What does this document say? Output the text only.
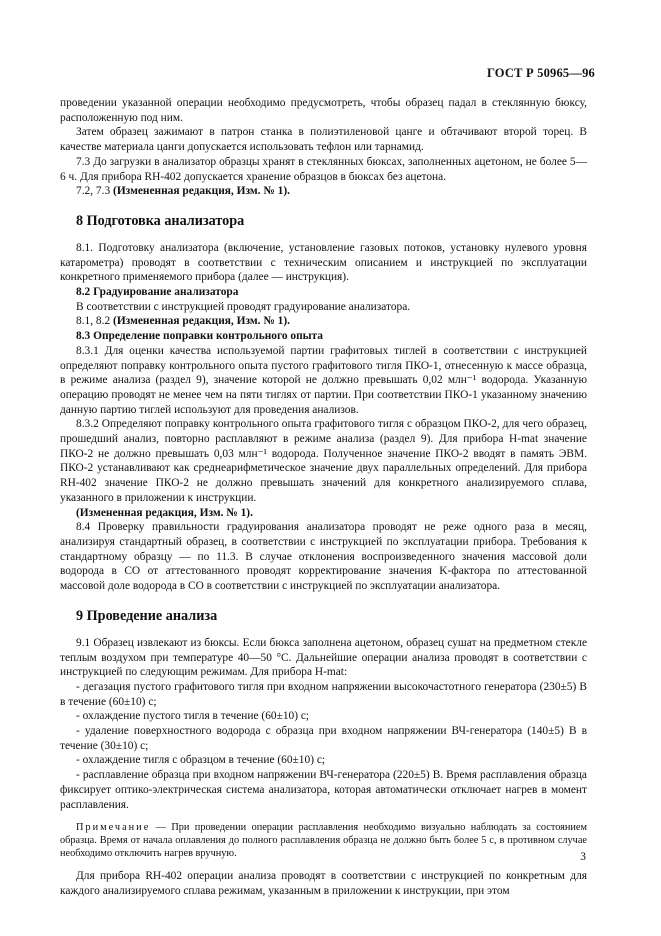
ГОСТ Р 50965—96

проведении указанной операции необходимо предусмотреть, чтобы образец падал в стеклянную бюксу, расположенную под ним.

Затем образец зажимают в патрон станка в полиэтиленовой цанге и обтачивают второй торец. В качестве материала цанги допускается использовать тефлон или тарнамид.

7.3 До загрузки в анализатор образцы хранят в стеклянных бюксах, заполненных ацетоном, не более 5—6 ч. Для прибора RH-402 допускается хранение образцов в бюксах без ацетона.

7.2, 7.3 (Измененная редакция, Изм. № 1).

8 Подготовка анализатора

8.1. Подготовку анализатора (включение, установление газовых потоков, установку нулевого уровня катарометра) проводят в соответствии с техническим описанием и инструкцией по эксплуатации конкретного применяемого прибора (далее — инструкция).

8.2 Градуирование анализатора

В соответствии с инструкцией проводят градуирование анализатора.

8.1, 8.2 (Измененная редакция, Изм. № 1).

8.3 Определение поправки контрольного опыта

8.3.1 Для оценки качества используемой партии графитовых тиглей в соответствии с инструкцией определяют поправку контрольного опыта пустого графитового тигля ПКО-1, отнесенную к массе образца, в режиме анализа (раздел 9), значение которой не должно превышать 0,02 млн⁻¹ водорода. Указанную операцию проводят не менее чем на пяти тиглях от партии. При соответствии ПКО-1 указанному значению данную партию тиглей используют для проведения анализов.

8.3.2 Определяют поправку контрольного опыта графитового тигля с образцом ПКО-2, для чего образец, прошедший анализ, повторно расплавляют в режиме анализа (раздел 9). Для прибора H-mat значение ПКО-2 не должно превышать 0,03 млн⁻¹ водорода. Полученное значение ПКО-2 вводят в память ЭВМ. ПКО-2 устанавливают как среднеарифметическое значение двух параллельных определений. Для прибора RH-402 значение ПКО-2 не должно превышать значений для конкретного анализируемого сплава, указанного в приложении к инструкции.

(Измененная редакция, Изм. № 1).

8.4 Проверку правильности градуирования анализатора проводят не реже одного раза в месяц, анализируя стандартный образец, в соответствии с инструкцией по эксплуатации прибора. Требования к стандартному образцу — по 11.3. В случае отклонения воспроизведенного значения массовой доли водорода в СО от аттестованного проводят корректирование значения K-фактора по аттестованной массовой доле водорода в СО в соответствии с инструкцией по эксплуатации анализатора.

9 Проведение анализа

9.1 Образец извлекают из бюксы. Если бюкса заполнена ацетоном, образец сушат на предметном стекле теплым воздухом при температуре 40—50 °С. Дальнейшие операции анализа проводят в соответствии с инструкцией по следующим режимам. Для прибора H-mat:

- дегазация пустого графитового тигля при входном напряжении высокочастотного генератора (230±5) В в течение (60±10) с;

- охлаждение пустого тигля в течение (60±10) с;

- удаление поверхностного водорода с образца при входном напряжении ВЧ-генератора (140±5) В в течение (30±10) с;

- охлаждение тигля с образцом в течение (60±10) с;

- расплавление образца при входном напряжении ВЧ-генератора (220±5) В. Время расплавления образца фиксирует оптико-электрическая система анализатора, которая автоматически отключает нагрев в момент расплавления.

Примечание — При проведении операции расплавления необходимо визуально наблюдать за состоянием образца. Время от начала оплавления до полного расплавления образца не должно быть более 5 с, в противном случае необходимо отключить нагрев вручную.

Для прибора RH-402 операции анализа проводят в соответствии с инструкцией по конкретным для каждого анализируемого сплава режимам, указанным в приложении к инструкции, при этом

3
